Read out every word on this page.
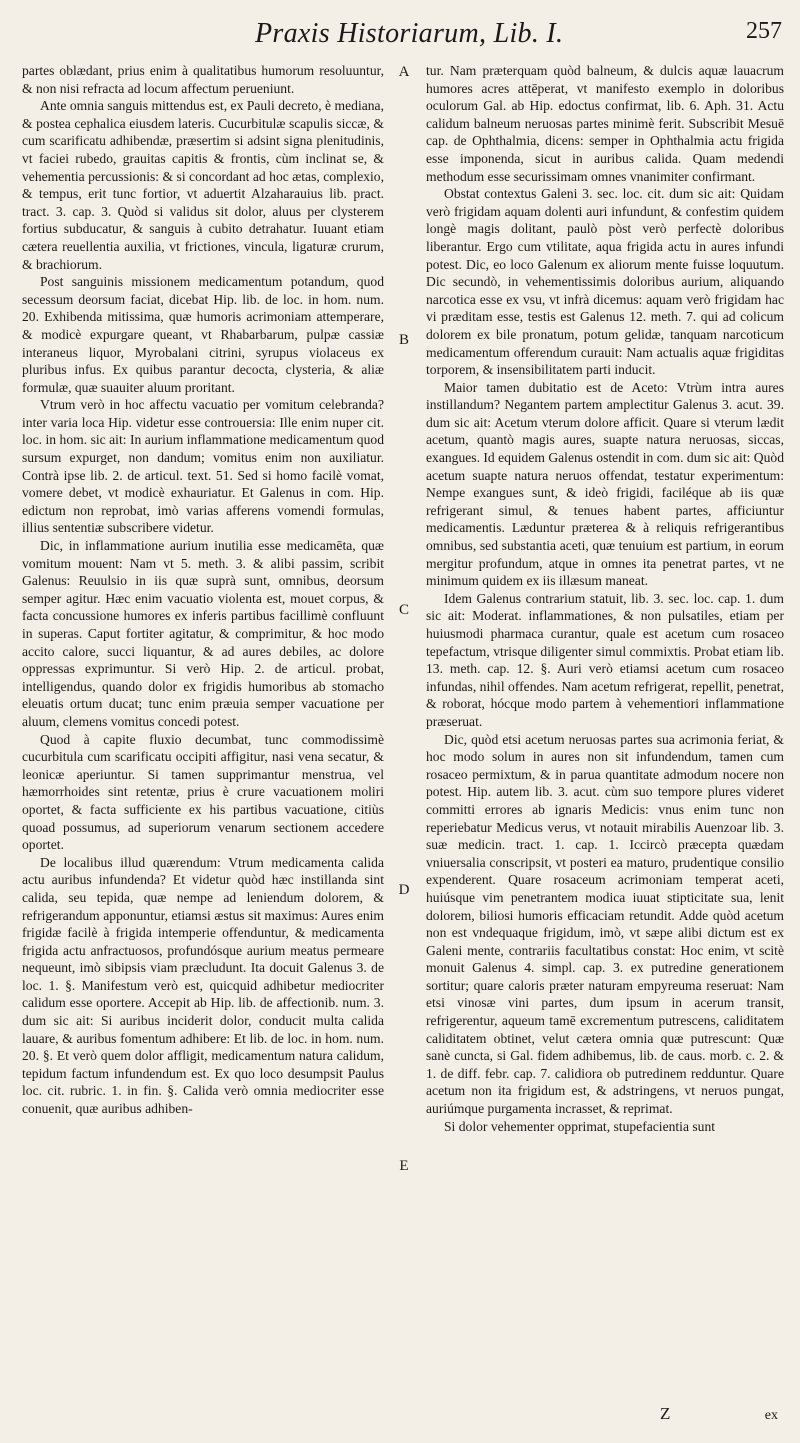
Praxis Historiarum, Lib. I.	257

partes oblædant, prius enim à qualitatibus humorum resoluuntur, & non nisi refracta ad locum affectum perueniunt.

Ante omnia sanguis mittendus est, ex Pauli decreto, è mediana, & postea cephalica eiusdem lateris. Cucurbitulæ scapulis siccæ, & cum scarificatu adhibendæ, præsertim si adsint signa plenitudinis, vt faciei rubedo, grauitas capitis & frontis, cùm inclinat se, & vehementia percussionis: & si concordant ad hoc ætas, complexio, & tempus, erit tunc fortior, vt aduertit Alzaharauius lib. pract. tract. 3. cap. 3. Quòd si validus sit dolor, aluus per clysterem fortius subducatur, & sanguis à cubito detrahatur. Iuuant etiam cætera reuellentia auxilia, vt frictiones, vincula, ligaturæ crurum, & brachiorum.

Post sanguinis missionem medicamentum potandum, quod secessum deorsum faciat, dicebat Hip. lib. de loc. in hom. num. 20. Exhibenda mitissima, quæ humoris acrimoniam attemperare, & modicè expurgare queant, vt Rhabarbarum, pulpæ cassiæ interaneus liquor, Myrobalani citrini, syrupus violaceus ex pluribus infus. Ex quibus parantur decocta, clysteria, & aliæ formulæ, quæ suauiter aluum proritant.

Vtrum verò in hoc affectu vacuatio per vomitum celebranda? inter varia loca Hip. videtur esse controuersia: Ille enim nuper cit. loc. in hom. sic ait: In aurium inflammatione medicamentum quod sursum expurget, non dandum; vomitus enim non auxiliatur. Contrà ipse lib. 2. de articul. text. 51. Sed si homo facilè vomat, vomere debet, vt modicè exhauriatur. Et Galenus in com. Hip. edictum non reprobat, imò varias afferens vomendi formulas, illius sententiæ subscribere videtur.

Dic, in inflammatione aurium inutilia esse medicamēta, quæ vomitum mouent: Nam vt 5. meth. 3. & alibi passim, scribit Galenus: Reuulsio in iis quæ suprà sunt, omnibus, deorsum semper agitur. Hæc enim vacuatio violenta est, mouet corpus, & facta concussione humores ex inferis partibus facillimè confluunt in superas. Caput fortiter agitatur, & comprimitur, & hoc modo accito calore, succi liquantur, & ad aures debiles, ac dolore oppressas exprimuntur. Si verò Hip. 2. de articul. probat, intelligendus, quando dolor ex frigidis humoribus ab stomacho eleuatis ortum ducat; tunc enim præuia semper vacuatione per aluum, clemens vomitus concedi potest.

Quod à capite fluxio decumbat, tunc commodissimè cucurbitula cum scarificatu occipiti affigitur, nasi vena secatur, & leonicæ aperiuntur. Si tamen supprimantur menstrua, vel hæmorrhoides sint retentæ, prius è crure vacuationem moliri oportet, & facta sufficiente ex his partibus vacuatione, citiùs quoad possumus, ad superiorum venarum sectionem accedere oportet.

De localibus illud quærendum: Vtrum medicamenta calida actu auribus infundenda? Et videtur quòd hæc instillanda sint calida, seu tepida, quæ nempe ad leniendum dolorem, & refrigerandum apponuntur, etiamsi æstus sit maximus: Aures enim frigidæ facilè à frigida intemperie offenduntur, & medicamenta frigida actu anfractuosos, profundósque aurium meatus permeare nequeunt, imò sibipsis viam præcludunt. Ita docuit Galenus 3. de loc. 1. §. Manifestum verò est, quicquid adhibetur mediocriter calidum esse oportere. Accepit ab Hip. lib. de affectionib. num. 3. dum sic ait: Si auribus inciderit dolor, conducit multa calida lauare, & auribus fomentum adhibere: Et lib. de loc. in hom. num. 20. §. Et verò quem dolor affligit, medicamentum natura calidum, tepidum factum infundendum est. Ex quo loco desumpsit Paulus loc. cit. rubric. 1. in fin. §. Calida verò omnia mediocriter esse conuenit, quæ auribus adhiben-

A
B
C
D
E

tur. Nam præterquam quòd balneum, & dulcis aquæ lauacrum humores acres attēperat, vt manifesto exemplo in doloribus oculorum Gal. ab Hip. edoctus confirmat, lib. 6. Aph. 31. Actu calidum balneum neruosas partes minimè ferit. Subscribit Mesuē cap. de Ophthalmia, dicens: semper in Ophthalmia actu frigida esse imponenda, sicut in auribus calida. Quam medendi methodum esse securissimam omnes vnanimiter confirmant.

Obstat contextus Galeni 3. sec. loc. cit. dum sic ait: Quidam verò frigidam aquam dolenti auri infundunt, & confestim quidem longè magis dolitant, paulò pòst verò perfectè doloribus liberantur. Ergo cum vtilitate, aqua frigida actu in aures infundi potest. Dic, eo loco Galenum ex aliorum mente fuisse loquutum. Dic secundò, in vehementissimis doloribus aurium, aliquando narcotica esse ex vsu, vt infrà dicemus: aquam verò frigidam hac vi præditam esse, testis est Galenus 12. meth. 7. qui ad colicum dolorem ex bile pronatum, potum gelidæ, tanquam narcoticum medicamentum offerendum curauit: Nam actualis aquæ frigiditas torporem, & insensibilitatem parti inducit.

Maior tamen dubitatio est de Aceto: Vtrùm intra aures instillandum? Negantem partem amplectitur Galenus 3. acut. 39. dum sic ait: Acetum vterum dolore afficit. Quare si vterum lædit acetum, quantò magis aures, suapte natura neruosas, siccas, exangues. Id equidem Galenus ostendit in com. dum sic ait: Quòd acetum suapte natura neruos offendat, testatur experimentum: Nempe exangues sunt, & ideò frigidi, faciléque ab iis quæ refrigerant simul, & tenues habent partes, afficiuntur medicamentis. Læduntur præterea & à reliquis refrigerantibus omnibus, sed substantia aceti, quæ tenuium est partium, in eorum mergitur profundum, atque in omnes ita penetrat partes, vt ne minimum quidem ex iis illæsum maneat.

Idem Galenus contrarium statuit, lib. 3. sec. loc. cap. 1. dum sic ait: Moderat. inflammationes, & non pulsatiles, etiam per huiusmodi pharmaca curantur, quale est acetum cum rosaceo tepefactum, vtrisque diligenter simul commixtis. Probat etiam lib. 13. meth. cap. 12. §. Auri verò etiamsi acetum cum rosaceo infundas, nihil offendes. Nam acetum refrigerat, repellit, penetrat, & roborat, hócque modo partem à vehementiori inflammatione præseruat.

Dic, quòd etsi acetum neruosas partes sua acrimonia feriat, & hoc modo solum in aures non sit infundendum, tamen cum rosaceo permixtum, & in parua quantitate admodum nocere non potest. Hip. autem lib. 3. acut. cùm suo tempore plures videret committi errores ab ignaris Medicis: vnus enim tunc non reperiebatur Medicus verus, vt notauit mirabilis Auenzoar lib. 3. suæ medicin. tract. 1. cap. 1. Iccircò præcepta quædam vniuersalia conscripsit, vt posteri ea maturo, prudentique consilio expenderent. Quare rosaceum acrimoniam temperat aceti, huiúsque vim penetrantem modica iuuat stipticitate sua, lenit dolorem, biliosi humoris efficaciam retundit. Adde quòd acetum non est vndequaque frigidum, imò, vt sæpe alibi dictum est ex Galeni mente, contrariis facultatibus constat: Hoc enim, vt scitè monuit Galenus 4. simpl. cap. 3. ex putredine generationem sortitur; quare caloris præter naturam empyreuma reseruat: Nam etsi vinosæ vini partes, dum ipsum in acerum transit, refrigerentur, aqueum tamē excrementum putrescens, caliditatem caliditatem obtinet, velut cætera omnia quæ putrescunt: Quæ sanè cuncta, si Gal. fidem adhibemus, lib. de caus. morb. c. 2. & 1. de diff. febr. cap. 7. calidiora ob putredinem redduntur. Quare acetum non ita frigidum est, & adstringens, vt neruos pungat, auriúmque purgamenta incrasset, & reprimat.

Si dolor vehementer opprimat, stupefacientia sunt

Z	ex
